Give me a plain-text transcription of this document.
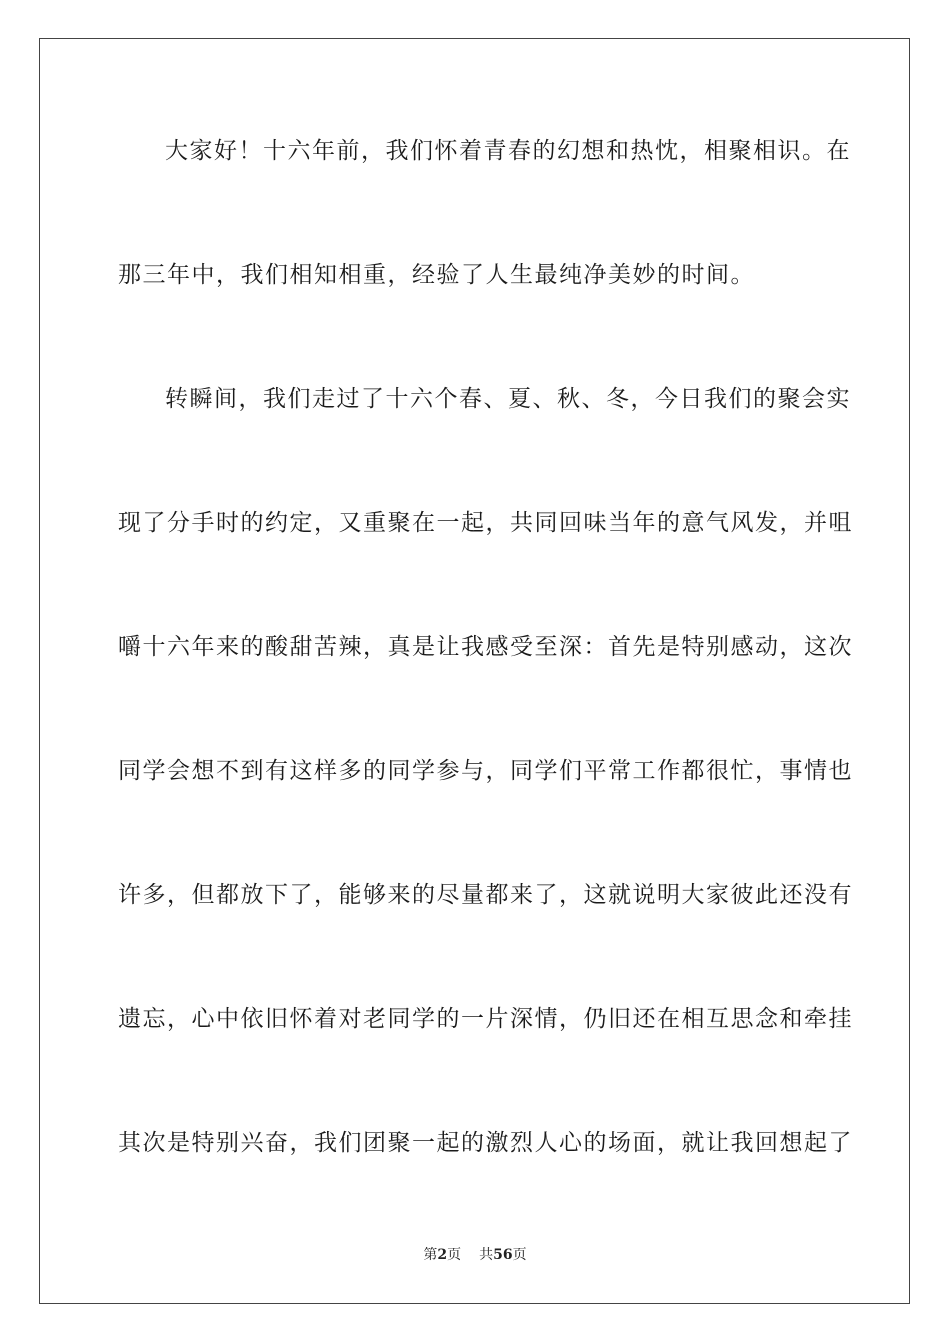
大家好！十六年前，我们怀着青春的幻想和热忱，相聚相识。在
那三年中，我们相知相重，经验了人生最纯净美妙的时间。
转瞬间，我们走过了十六个春、夏、秋、冬，今日我们的聚会实
现了分手时的约定，又重聚在一起，共同回味当年的意气风发，并咀
嚼十六年来的酸甜苦辣，真是让我感受至深：首先是特别感动，这次
同学会想不到有这样多的同学参与，同学们平常工作都很忙，事情也
许多，但都放下了，能够来的尽量都来了，这就说明大家彼此还没有
遗忘，心中依旧怀着对老同学的一片深情，仍旧还在相互思念和牵挂
其次是特别兴奋，我们团聚一起的激烈人心的场面，就让我回想起了
第2页 共56页
